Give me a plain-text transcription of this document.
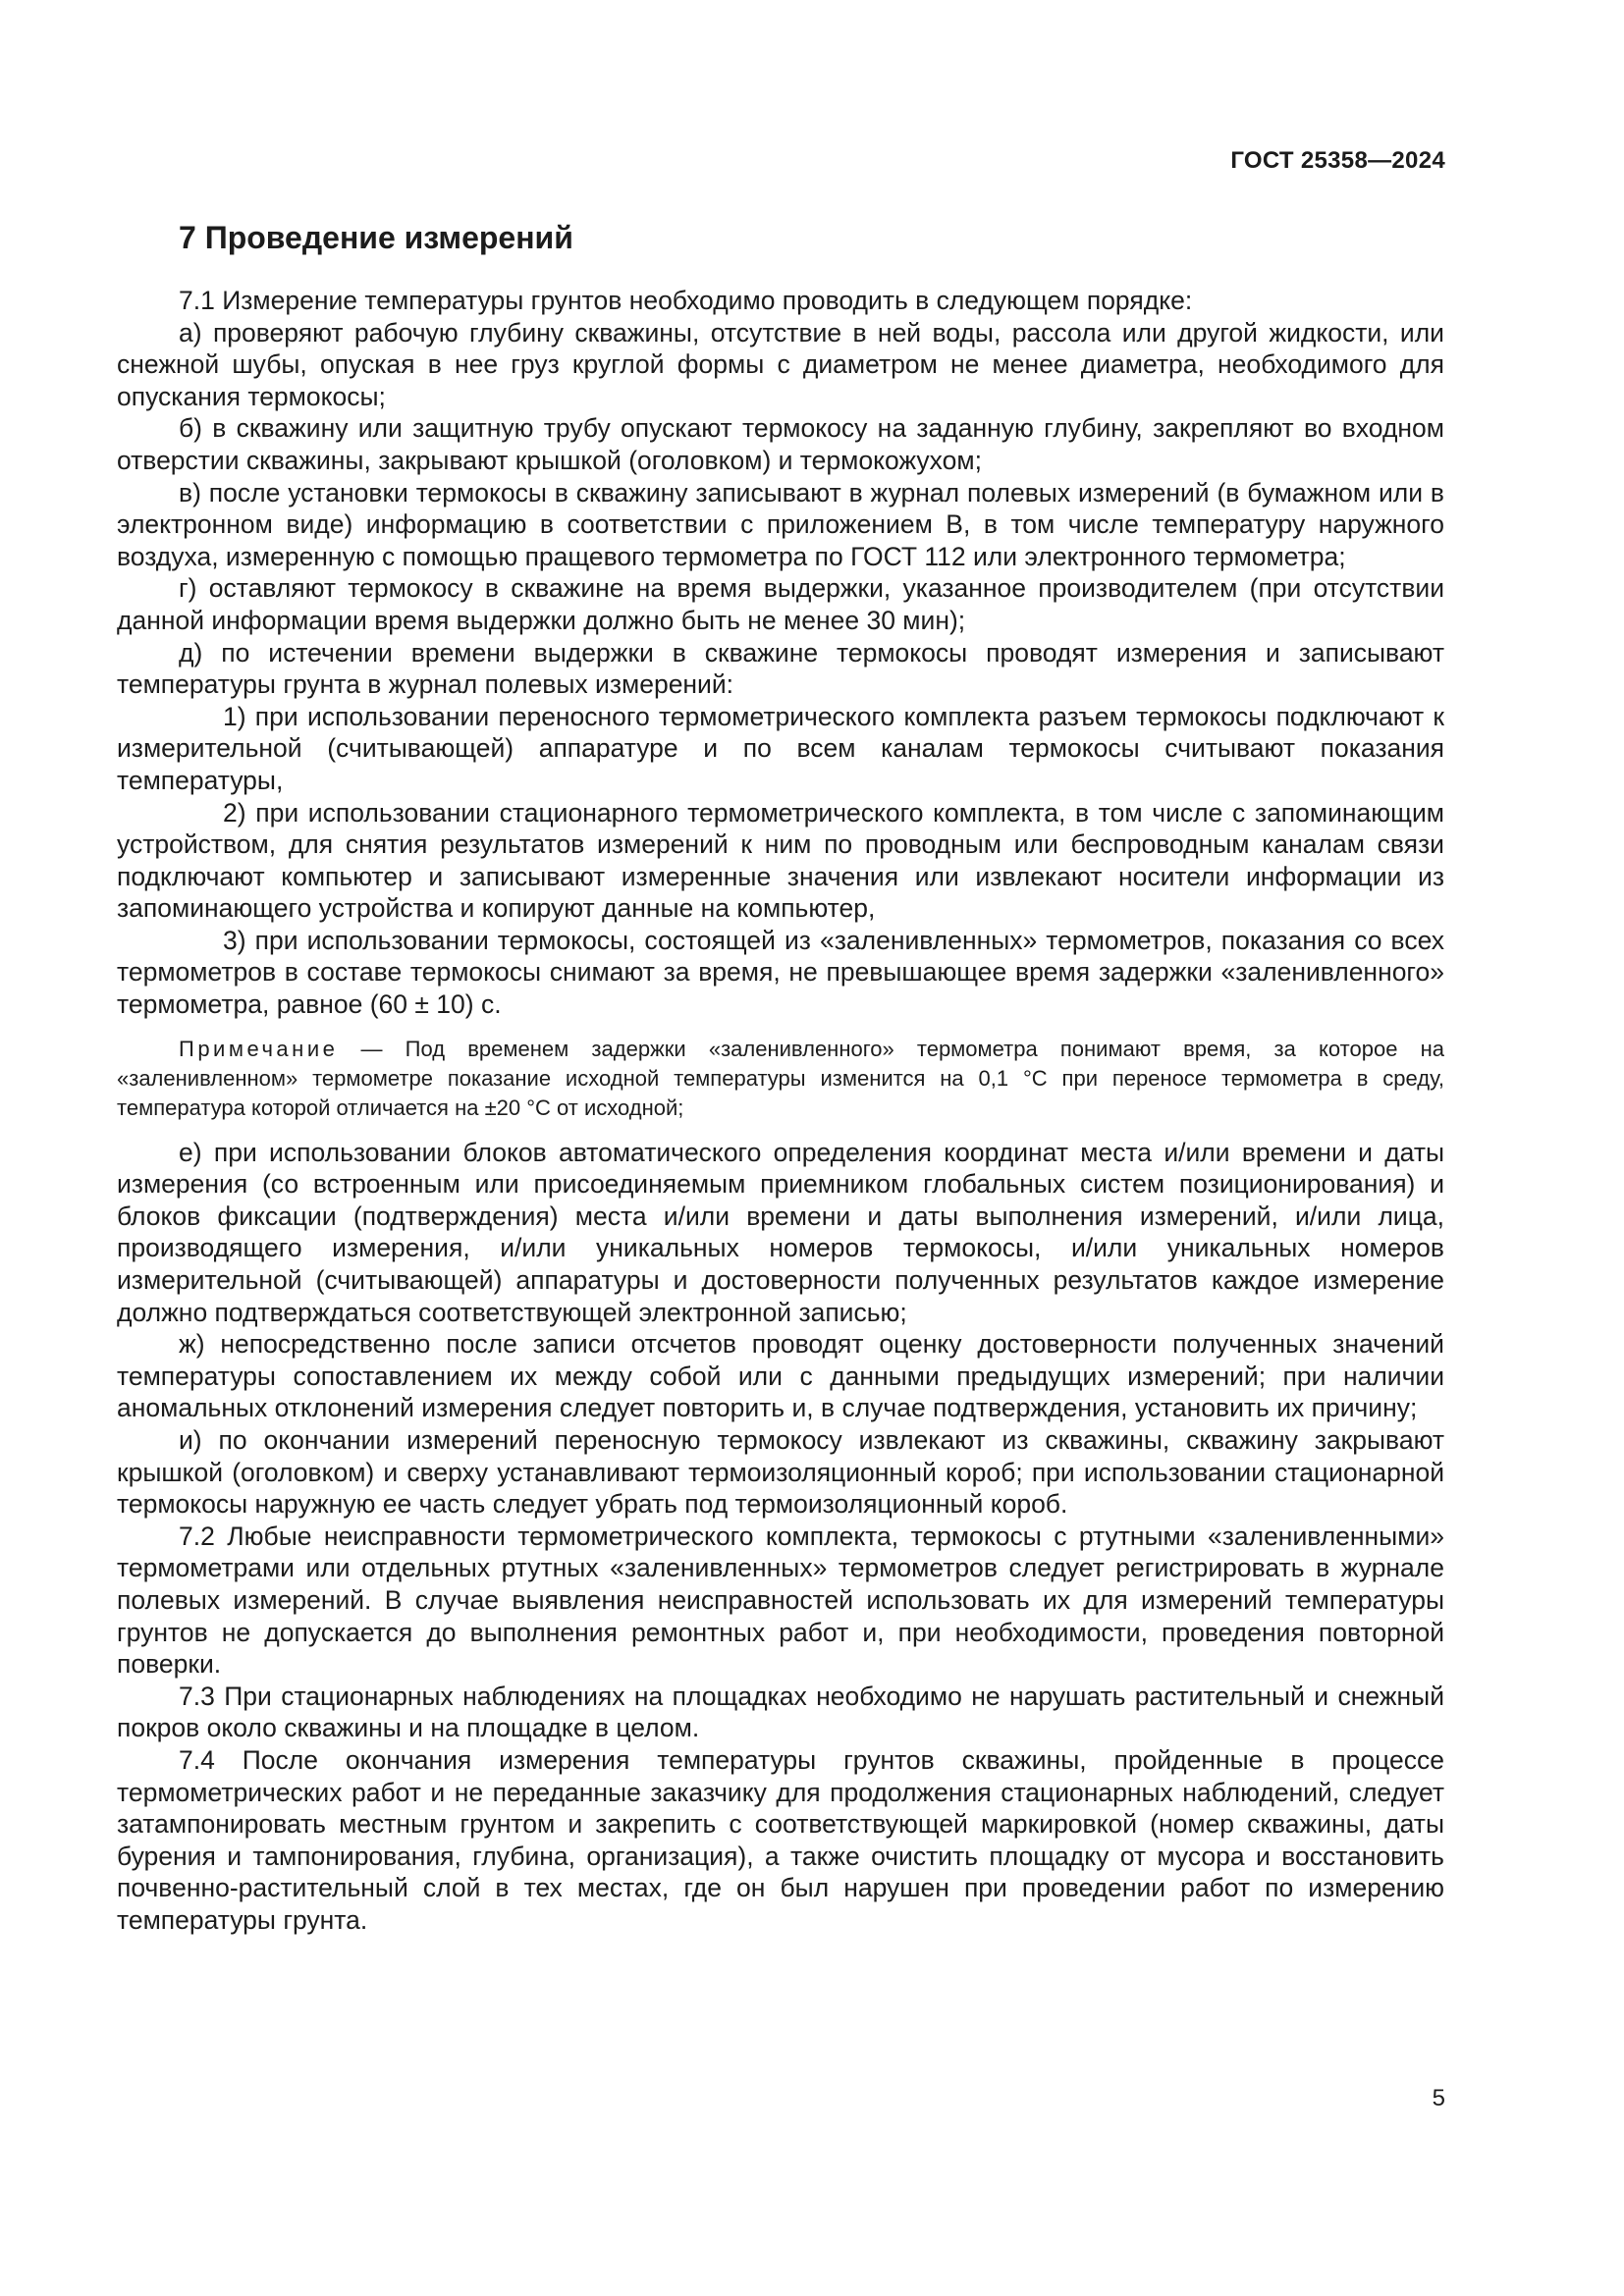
ГОСТ 25358—2024
7 Проведение измерений

7.1 Измерение температуры грунтов необходимо проводить в следующем порядке:

а) проверяют рабочую глубину скважины, отсутствие в ней воды, рассола или другой жидкости, или снежной шубы, опуская в нее груз круглой формы с диаметром не менее диаметра, необходимого для опускания термокосы;

б) в скважину или защитную трубу опускают термокосу на заданную глубину, закрепляют во входном отверстии скважины, закрывают крышкой (оголовком) и термокожухом;

в) после установки термокосы в скважину записывают в журнал полевых измерений (в бумажном или в электронном виде) информацию в соответствии с приложением В, в том числе температуру наружного воздуха, измеренную с помощью пращевого термометра по ГОСТ 112 или электронного термометра;

г) оставляют термокосу в скважине на время выдержки, указанное производителем (при отсутствии данной информации время выдержки должно быть не менее 30 мин);

д) по истечении времени выдержки в скважине термокосы проводят измерения и записывают температуры грунта в журнал полевых измерений:

1) при использовании переносного термометрического комплекта разъем термокосы подключают к измерительной (считывающей) аппаратуре и по всем каналам термокосы считывают показания температуры,

2) при использовании стационарного термометрического комплекта, в том числе с запоминающим устройством, для снятия результатов измерений к ним по проводным или беспроводным каналам связи подключают компьютер и записывают измеренные значения или извлекают носители информации из запоминающего устройства и копируют данные на компьютер,

3) при использовании термокосы, состоящей из «заленивленных» термометров, показания со всех термометров в составе термокосы снимают за время, не превышающее время задержки «заленивленного» термометра, равное (60 ± 10) с.

Примечание — Под временем задержки «заленивленного» термометра понимают время, за которое на «заленивленном» термометре показание исходной температуры изменится на 0,1 °С при переносе термометра в среду, температура которой отличается на ±20 °С от исходной;

е) при использовании блоков автоматического определения координат места и/или времени и даты измерения (со встроенным или присоединяемым приемником глобальных систем позиционирования) и блоков фиксации (подтверждения) места и/или времени и даты выполнения измерений, и/или лица, производящего измерения, и/или уникальных номеров термокосы, и/или уникальных номеров измерительной (считывающей) аппаратуры и достоверности полученных результатов каждое измерение должно подтверждаться соответствующей электронной записью;

ж) непосредственно после записи отсчетов проводят оценку достоверности полученных значений температуры сопоставлением их между собой или с данными предыдущих измерений; при наличии аномальных отклонений измерения следует повторить и, в случае подтверждения, установить их причину;

и) по окончании измерений переносную термокосу извлекают из скважины, скважину закрывают крышкой (оголовком) и сверху устанавливают термоизоляционный короб; при использовании стационарной термокосы наружную ее часть следует убрать под термоизоляционный короб.

7.2 Любые неисправности термометрического комплекта, термокосы с ртутными «заленивленными» термометрами или отдельных ртутных «заленивленных» термометров следует регистрировать в журнале полевых измерений. В случае выявления неисправностей использовать их для измерений температуры грунтов не допускается до выполнения ремонтных работ и, при необходимости, проведения повторной поверки.

7.3 При стационарных наблюдениях на площадках необходимо не нарушать растительный и снежный покров около скважины и на площадке в целом.

7.4 После окончания измерения температуры грунтов скважины, пройденные в процессе термометрических работ и не переданные заказчику для продолжения стационарных наблюдений, следует затампонировать местным грунтом и закрепить с соответствующей маркировкой (номер скважины, даты бурения и тампонирования, глубина, организация), а также очистить площадку от мусора и восстановить почвенно-растительный слой в тех местах, где он был нарушен при проведении работ по измерению температуры грунта.

5
